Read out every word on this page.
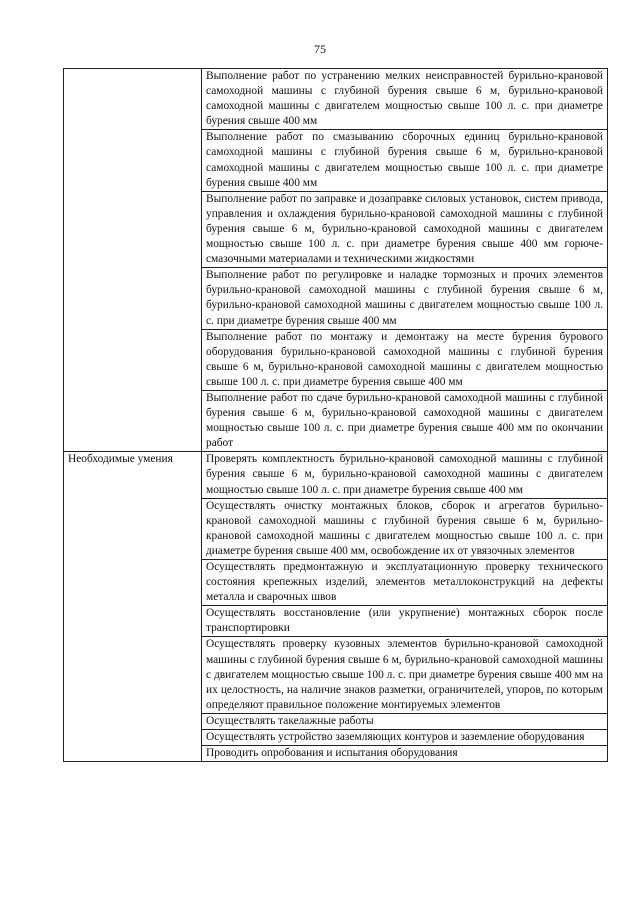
75
	Выполнение работ по устранению мелких неисправностей бурильно-крановой самоходной машины с глубиной бурения свыше 6 м, бурильно-крановой самоходной машины с двигателем мощностью свыше 100 л. с. при диаметре бурения свыше 400 мм
	Выполнение работ по смазыванию сборочных единиц бурильно-крановой самоходной машины с глубиной бурения свыше 6 м, бурильно-крановой самоходной машины с двигателем мощностью свыше 100 л. с. при диаметре бурения свыше 400 мм
	Выполнение работ по заправке и дозаправке силовых установок, систем привода, управления и охлаждения бурильно-крановой самоходной машины с глубиной бурения свыше 6 м, бурильно-крановой самоходной машины с двигателем мощностью свыше 100 л. с. при диаметре бурения свыше 400 мм горюче-смазочными материалами и техническими жидкостями
	Выполнение работ по регулировке и наладке тормозных и прочих элементов бурильно-крановой самоходной машины с глубиной бурения свыше 6 м, бурильно-крановой самоходной машины с двигателем мощностью свыше 100 л. с. при диаметре бурения свыше 400 мм
	Выполнение работ по монтажу и демонтажу на месте бурения бурового оборудования бурильно-крановой самоходной машины с глубиной бурения свыше 6 м, бурильно-крановой самоходной машины с двигателем мощностью свыше 100 л. с. при диаметре бурения свыше 400 мм
	Выполнение работ по сдаче бурильно-крановой самоходной машины с глубиной бурения свыше 6 м, бурильно-крановой самоходной машины с двигателем мощностью свыше 100 л. с. при диаметре бурения свыше 400 мм по окончании работ
Необходимые умения	Проверять комплектность бурильно-крановой самоходной машины с глубиной бурения свыше 6 м, бурильно-крановой самоходной машины с двигателем мощностью свыше 100 л. с. при диаметре бурения свыше 400 мм
	Осуществлять очистку монтажных блоков, сборок и агрегатов бурильно-крановой самоходной машины с глубиной бурения свыше 6 м, бурильно-крановой самоходной машины с двигателем мощностью свыше 100 л. с. при диаметре бурения свыше 400 мм, освобождение их от увязочных элементов
	Осуществлять предмонтажную и эксплуатационную проверку технического состояния крепежных изделий, элементов металлоконструкций на дефекты металла и сварочных швов
	Осуществлять восстановление (или укрупнение) монтажных сборок после транспортировки
	Осуществлять проверку кузовных элементов бурильно-крановой самоходной машины с глубиной бурения свыше 6 м, бурильно-крановой самоходной машины с двигателем мощностью свыше 100 л. с. при диаметре бурения свыше 400 мм на их целостность, на наличие знаков разметки, ограничителей, упоров, по которым определяют правильное положение монтируемых элементов
	Осуществлять такелажные работы
	Осуществлять устройство заземляющих контуров и заземление оборудования
	Проводить опробования и испытания оборудования
